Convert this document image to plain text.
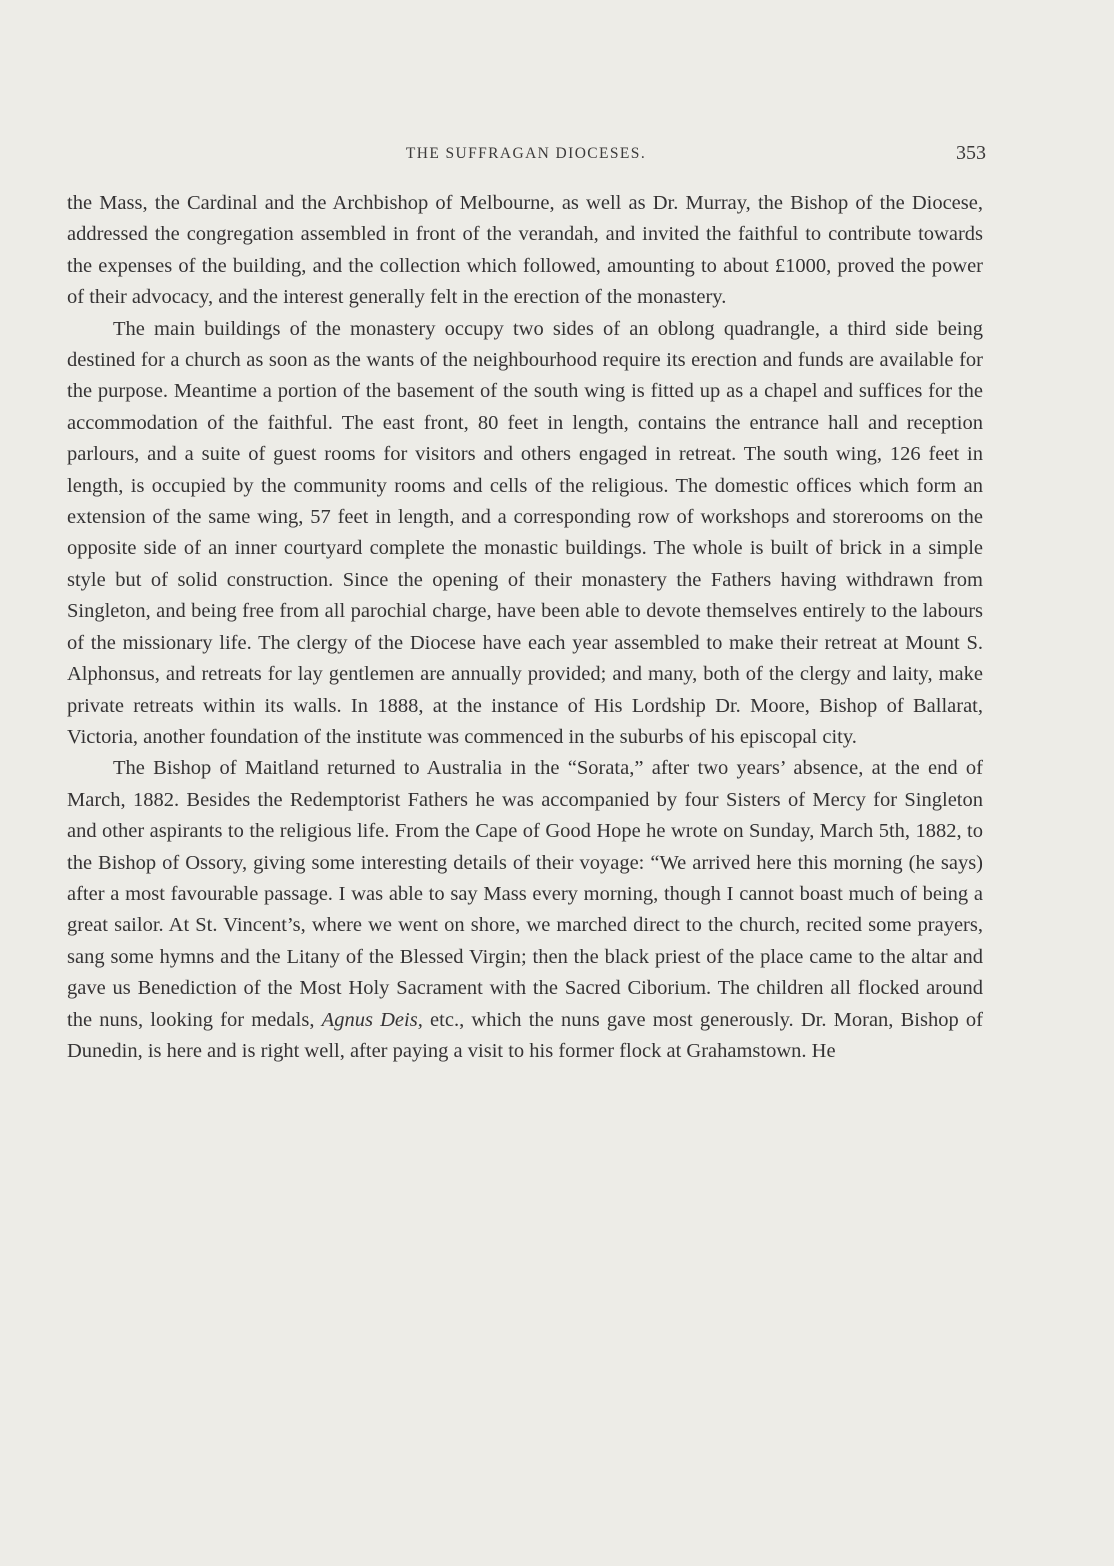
THE SUFFRAGAN DIOCESES.	353

the Mass, the Cardinal and the Archbishop of Melbourne, as well as Dr. Murray, the Bishop of the Diocese, addressed the congregation assembled in front of the verandah, and invited the faithful to contribute towards the expenses of the building, and the collection which followed, amounting to about £1000, proved the power of their advocacy, and the interest generally felt in the erection of the monastery.

The main buildings of the monastery occupy two sides of an oblong quadrangle, a third side being destined for a church as soon as the wants of the neighbourhood require its erection and funds are available for the purpose. Meantime a portion of the basement of the south wing is fitted up as a chapel and suffices for the accommodation of the faithful. The east front, 80 feet in length, contains the entrance hall and reception parlours, and a suite of guest rooms for visitors and others engaged in retreat. The south wing, 126 feet in length, is occupied by the community rooms and cells of the religious. The domestic offices which form an extension of the same wing, 57 feet in length, and a corresponding row of workshops and storerooms on the opposite side of an inner courtyard complete the monastic buildings. The whole is built of brick in a simple style but of solid construction. Since the opening of their monastery the Fathers having withdrawn from Singleton, and being free from all parochial charge, have been able to devote themselves entirely to the labours of the missionary life. The clergy of the Diocese have each year assembled to make their retreat at Mount S. Alphonsus, and retreats for lay gentlemen are annually provided; and many, both of the clergy and laity, make private retreats within its walls. In 1888, at the instance of His Lordship Dr. Moore, Bishop of Ballarat, Victoria, another foundation of the institute was commenced in the suburbs of his episcopal city.

The Bishop of Maitland returned to Australia in the “Sorata,” after two years’ absence, at the end of March, 1882. Besides the Redemptorist Fathers he was accompanied by four Sisters of Mercy for Singleton and other aspirants to the religious life. From the Cape of Good Hope he wrote on Sunday, March 5th, 1882, to the Bishop of Ossory, giving some interesting details of their voyage: “We arrived here this morning (he says) after a most favourable passage. I was able to say Mass every morning, though I cannot boast much of being a great sailor. At St. Vincent’s, where we went on shore, we marched direct to the church, recited some prayers, sang some hymns and the Litany of the Blessed Virgin; then the black priest of the place came to the altar and gave us Benediction of the Most Holy Sacrament with the Sacred Ciborium. The children all flocked around the nuns, looking for medals, Agnus Deis, etc., which the nuns gave most generously. Dr. Moran, Bishop of Dunedin, is here and is right well, after paying a visit to his former flock at Grahamstown. He
